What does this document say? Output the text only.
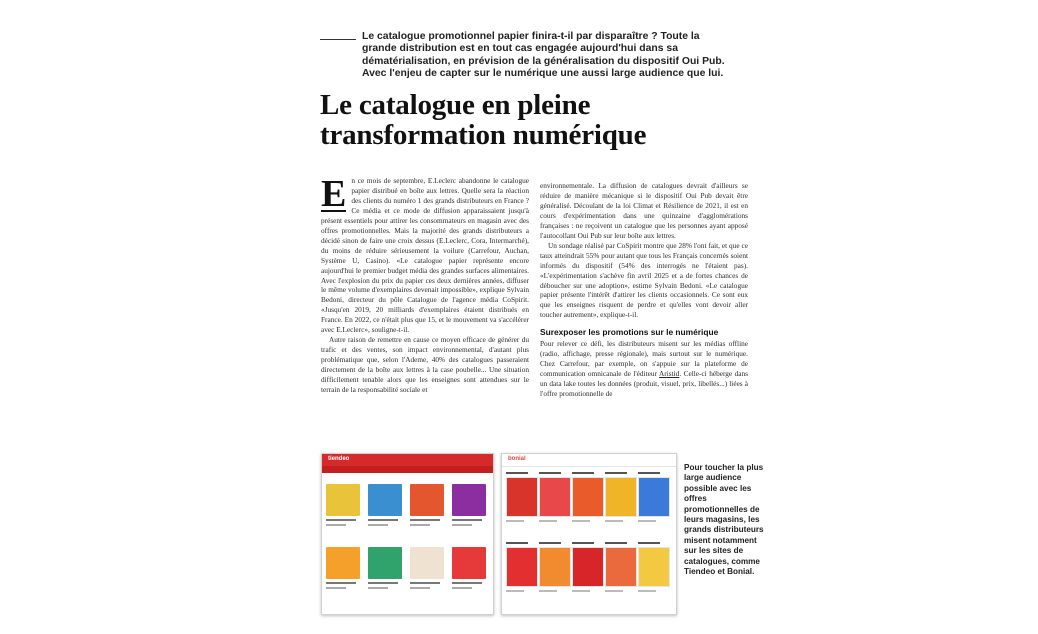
Le catalogue promotionnel papier finira-t-il par disparaître ? Toute la grande distribution est en tout cas engagée aujourd'hui dans sa dématérialisation, en prévision de la généralisation du dispositif Oui Pub. Avec l'enjeu de capter sur le numérique une aussi large audience que lui.

Le catalogue en pleine transformation numérique

E n ce mois de septembre, E.Leclerc abandonne le catalogue papier distribué en boîte aux lettres. Quelle sera la réaction des clients du numéro 1 des grands distributeurs en France ? Ce média et ce mode de diffusion apparaissaient jusqu'à présent essentiels pour attirer les consommateurs en magasin avec des offres promotionnelles. Mais la majorité des grands distributeurs a décidé sinon de faire une croix dessus (E.Leclerc, Cora, Intermarché), du moins de réduire sérieusement la voilure (Carrefour, Auchan, Système U, Casino). «Le catalogue papier représente encore aujourd'hui le premier budget média des grandes surfaces alimentaires. Avec l'explosion du prix du papier ces deux dernières années, diffuser le même volume d'exemplaires devenait impossible», explique Sylvain Bedoni, directeur du pôle Catalogue de l'agence média CoSpirit. «Jusqu'en 2019, 20 milliards d'exemplaires étaient distribués en France. En 2022, ce n'était plus que 15, et le mouvement va s'accélérer avec E.Leclerc», souligne-t-il.

Autre raison de remettre en cause ce moyen efficace de générer du trafic et des ventes, son impact environnemental, d'autant plus problématique que, selon l'Ademe, 40% des catalogues passeraient directement de la boîte aux lettres à la case poubelle... Une situation difficilement tenable alors que les enseignes sont attendues sur le terrain de la responsabilité sociale et

environnementale. La diffusion de catalogues devrait d'ailleurs se réduire de manière mécanique si le dispositif Oui Pub devait être généralisé. Découlant de la loi Climat et Résilience de 2021, il est en cours d'expérimentation dans une quinzaine d'agglomérations françaises : ne reçoivent un catalogue que les personnes ayant apposé l'autocollant Oui Pub sur leur boîte aux lettres.

Un sondage réalisé par CoSpirit montre que 28% l'ont fait, et que ce taux atteindrait 55% pour autant que tous les Français concernés soient informés du dispositif (54% des interrogés ne l'étaient pas). «L'expérimentation s'achève fin avril 2025 et a de fortes chances de déboucher sur une adoption», estime Sylvain Bedoni. «Le catalogue papier présente l'intérêt d'attirer les clients occasionnels. Ce sont eux que les enseignes risquent de perdre et qu'elles vont devoir aller toucher autrement», explique-t-il.

Surexposer les promotions sur le numérique

Pour relever ce défi, les distributeurs misent sur les médias offline (radio, affichage, presse régionale), mais surtout sur le numérique. Chez Carrefour, par exemple, on s'appuie sur la plateforme de communication omnicanale de l'éditeur Aristid. Celle-ci héberge dans un data lake toutes les données (produit, visuel, prix, libellés...) liées à l'offre promotionnelle de

tiendeo	bonial

Pour toucher la plus large audience possible avec les offres promotionnelles de leurs magasins, les grands distributeurs misent notamment sur les sites de catalogues, comme Tiendeo et Bonial.
